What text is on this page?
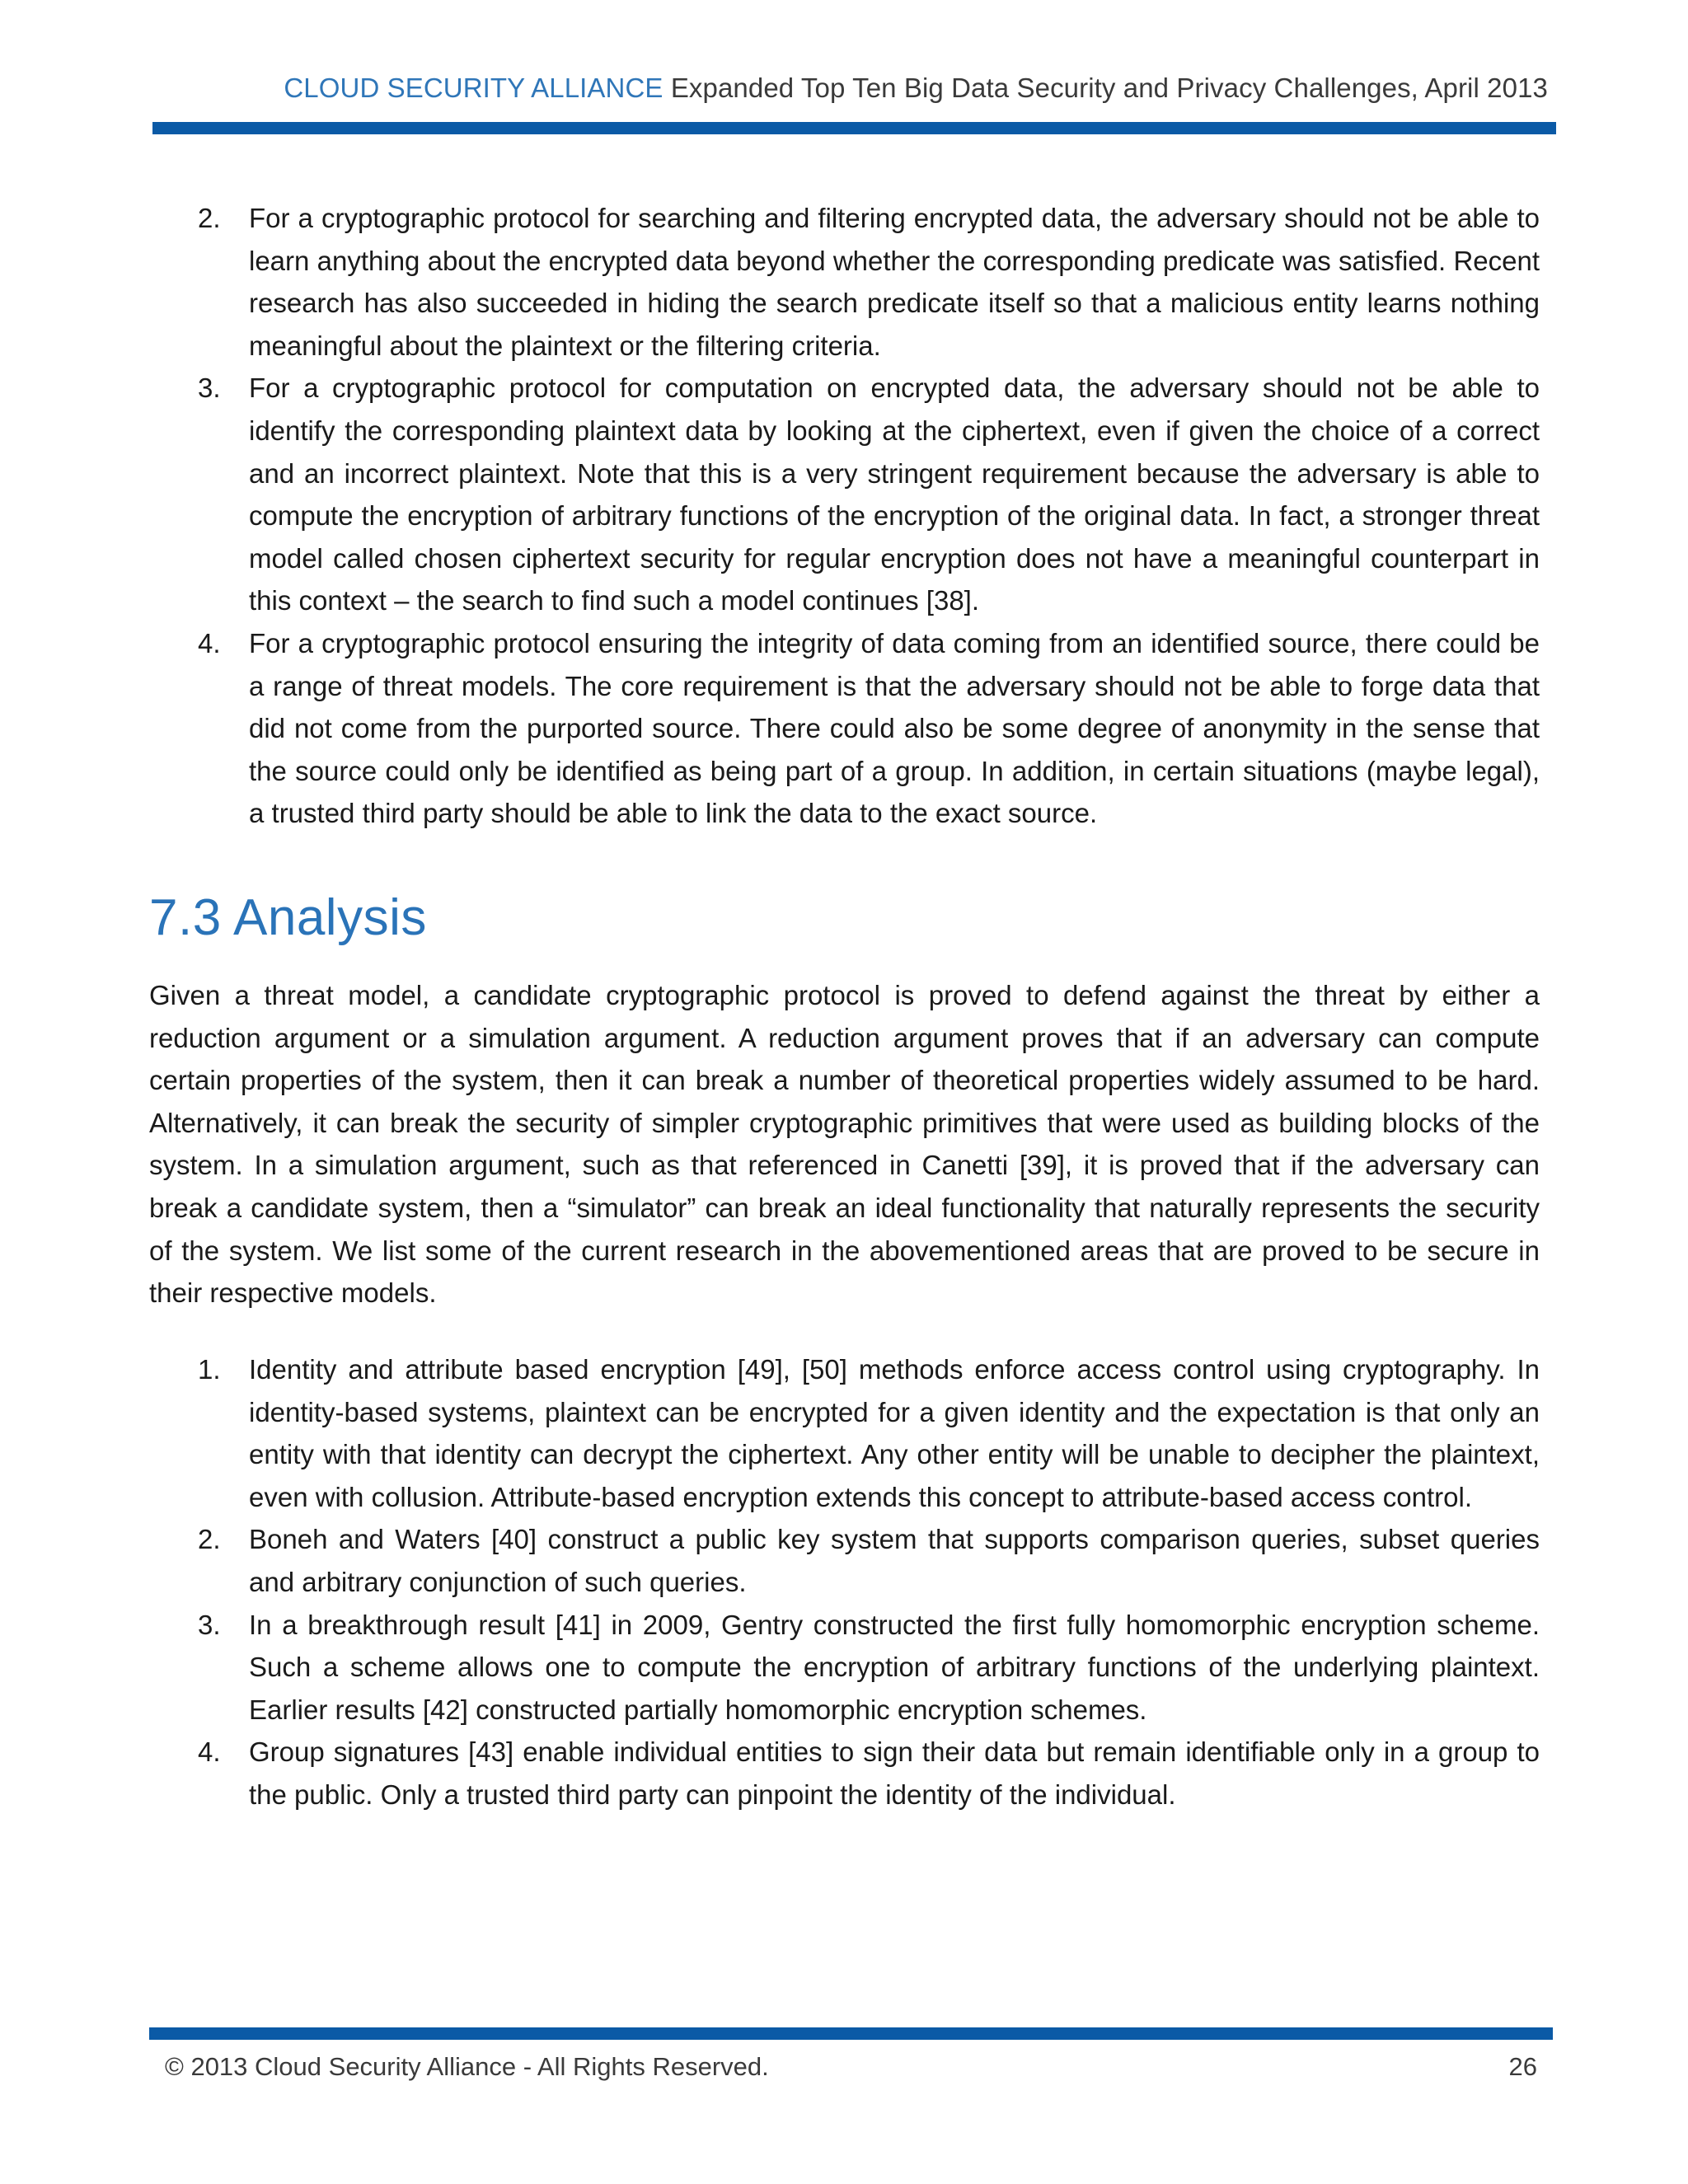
CLOUD SECURITY ALLIANCE Expanded Top Ten Big Data Security and Privacy Challenges, April 2013
2. For a cryptographic protocol for searching and filtering encrypted data, the adversary should not be able to learn anything about the encrypted data beyond whether the corresponding predicate was satisfied. Recent research has also succeeded in hiding the search predicate itself so that a malicious entity learns nothing meaningful about the plaintext or the filtering criteria.
3. For a cryptographic protocol for computation on encrypted data, the adversary should not be able to identify the corresponding plaintext data by looking at the ciphertext, even if given the choice of a correct and an incorrect plaintext. Note that this is a very stringent requirement because the adversary is able to compute the encryption of arbitrary functions of the encryption of the original data. In fact, a stronger threat model called chosen ciphertext security for regular encryption does not have a meaningful counterpart in this context – the search to find such a model continues [38].
4. For a cryptographic protocol ensuring the integrity of data coming from an identified source, there could be a range of threat models. The core requirement is that the adversary should not be able to forge data that did not come from the purported source. There could also be some degree of anonymity in the sense that the source could only be identified as being part of a group. In addition, in certain situations (maybe legal), a trusted third party should be able to link the data to the exact source.
7.3 Analysis

Given a threat model, a candidate cryptographic protocol is proved to defend against the threat by either a reduction argument or a simulation argument. A reduction argument proves that if an adversary can compute certain properties of the system, then it can break a number of theoretical properties widely assumed to be hard. Alternatively, it can break the security of simpler cryptographic primitives that were used as building blocks of the system. In a simulation argument, such as that referenced in Canetti [39], it is proved that if the adversary can break a candidate system, then a “simulator” can break an ideal functionality that naturally represents the security of the system. We list some of the current research in the abovementioned areas that are proved to be secure in their respective models.

1. Identity and attribute based encryption [49], [50] methods enforce access control using cryptography. In identity-based systems, plaintext can be encrypted for a given identity and the expectation is that only an entity with that identity can decrypt the ciphertext. Any other entity will be unable to decipher the plaintext, even with collusion. Attribute-based encryption extends this concept to attribute-based access control.
2. Boneh and Waters [40] construct a public key system that supports comparison queries, subset queries and arbitrary conjunction of such queries.
3. In a breakthrough result [41] in 2009, Gentry constructed the first fully homomorphic encryption scheme. Such a scheme allows one to compute the encryption of arbitrary functions of the underlying plaintext. Earlier results [42] constructed partially homomorphic encryption schemes.
4. Group signatures [43] enable individual entities to sign their data but remain identifiable only in a group to the public. Only a trusted third party can pinpoint the identity of the individual.
© 2013 Cloud Security Alliance - All Rights Reserved.	26
